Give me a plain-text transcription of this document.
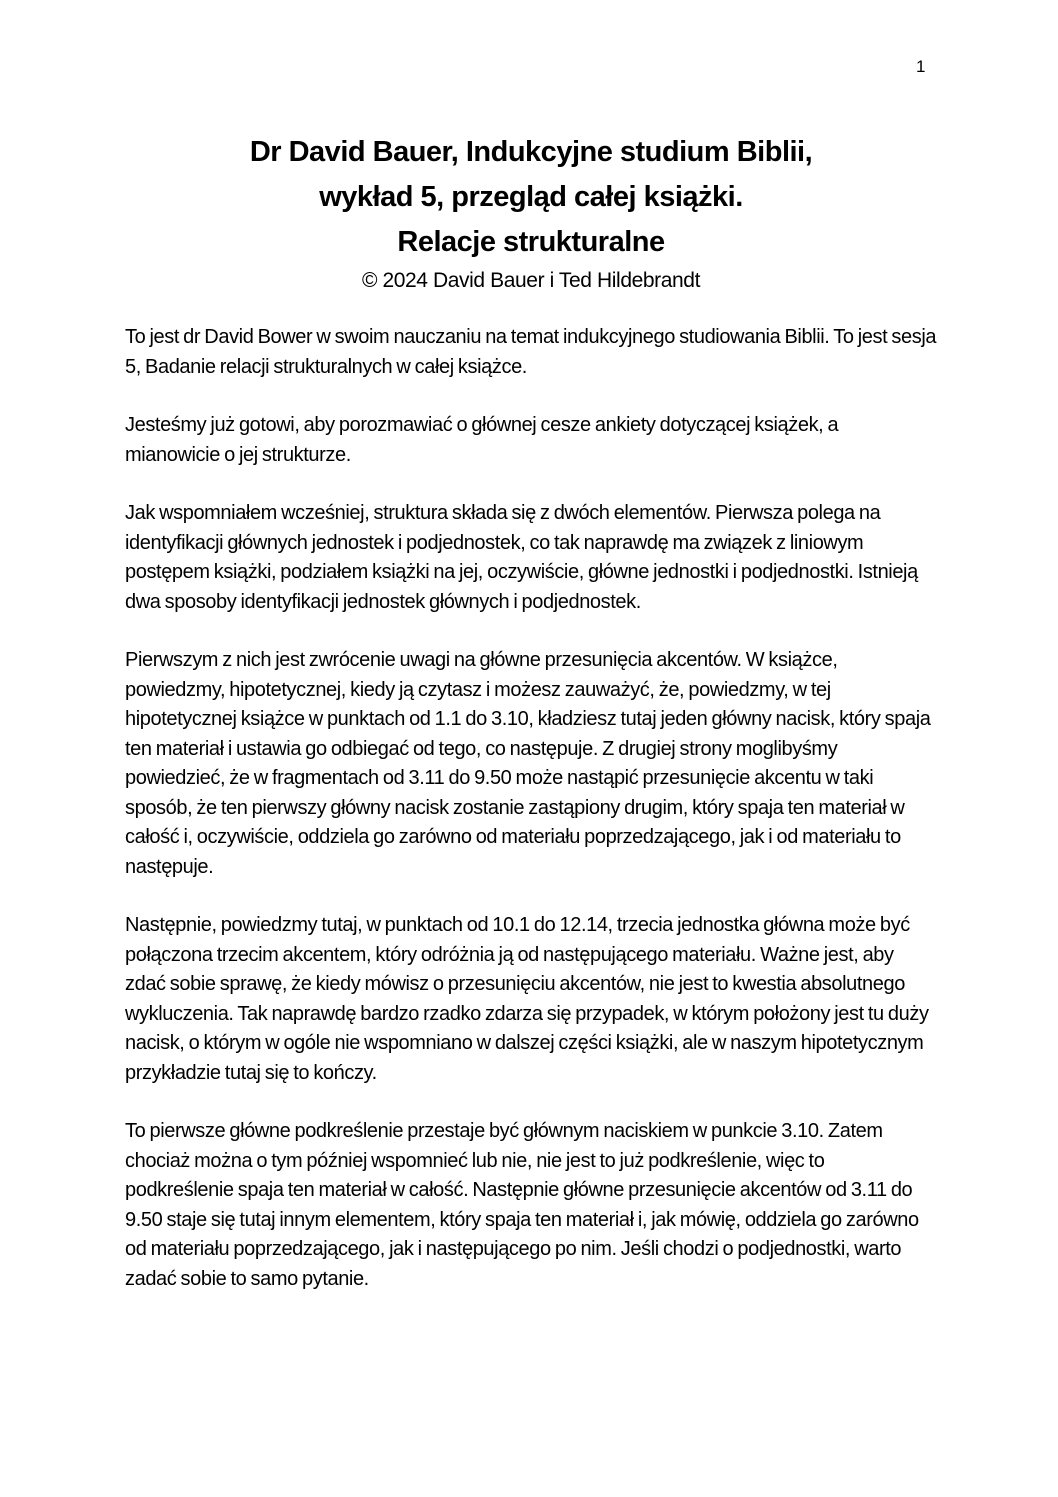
1
Dr David Bauer, Indukcyjne studium Biblii,
wykład 5, przegląd całej książki.
Relacje strukturalne
© 2024 David Bauer i Ted Hildebrandt

To jest dr David Bower w swoim nauczaniu na temat indukcyjnego studiowania Biblii. To jest sesja 5, Badanie relacji strukturalnych w całej książce.

Jesteśmy już gotowi, aby porozmawiać o głównej cesze ankiety dotyczącej książek, a mianowicie o jej strukturze.

Jak wspomniałem wcześniej, struktura składa się z dwóch elementów. Pierwsza polega na identyfikacji głównych jednostek i podjednostek, co tak naprawdę ma związek z liniowym postępem książki, podziałem książki na jej, oczywiście, główne jednostki i podjednostki. Istnieją dwa sposoby identyfikacji jednostek głównych i podjednostek.

Pierwszym z nich jest zwrócenie uwagi na główne przesunięcia akcentów. W książce, powiedzmy, hipotetycznej, kiedy ją czytasz i możesz zauważyć, że, powiedzmy, w tej hipotetycznej książce w punktach od 1.1 do 3.10, kładziesz tutaj jeden główny nacisk, który spaja ten materiał i ustawia go odbiegać od tego, co następuje. Z drugiej strony moglibyśmy powiedzieć, że w fragmentach od 3.11 do 9.50 może nastąpić przesunięcie akcentu w taki sposób, że ten pierwszy główny nacisk zostanie zastąpiony drugim, który spaja ten materiał w całość i, oczywiście, oddziela go zarówno od materiału poprzedzającego, jak i od materiału to następuje.

Następnie, powiedzmy tutaj, w punktach od 10.1 do 12.14, trzecia jednostka główna może być połączona trzecim akcentem, który odróżnia ją od następującego materiału. Ważne jest, aby zdać sobie sprawę, że kiedy mówisz o przesunięciu akcentów, nie jest to kwestia absolutnego wykluczenia. Tak naprawdę bardzo rzadko zdarza się przypadek, w którym położony jest tu duży nacisk, o którym w ogóle nie wspomniano w dalszej części książki, ale w naszym hipotetycznym przykładzie tutaj się to kończy.

To pierwsze główne podkreślenie przestaje być głównym naciskiem w punkcie 3.10. Zatem chociaż można o tym później wspomnieć lub nie, nie jest to już podkreślenie, więc to podkreślenie spaja ten materiał w całość. Następnie główne przesunięcie akcentów od 3.11 do 9.50 staje się tutaj innym elementem, który spaja ten materiał i, jak mówię, oddziela go zarówno od materiału poprzedzającego, jak i następującego po nim. Jeśli chodzi o podjednostki, warto zadać sobie to samo pytanie.
